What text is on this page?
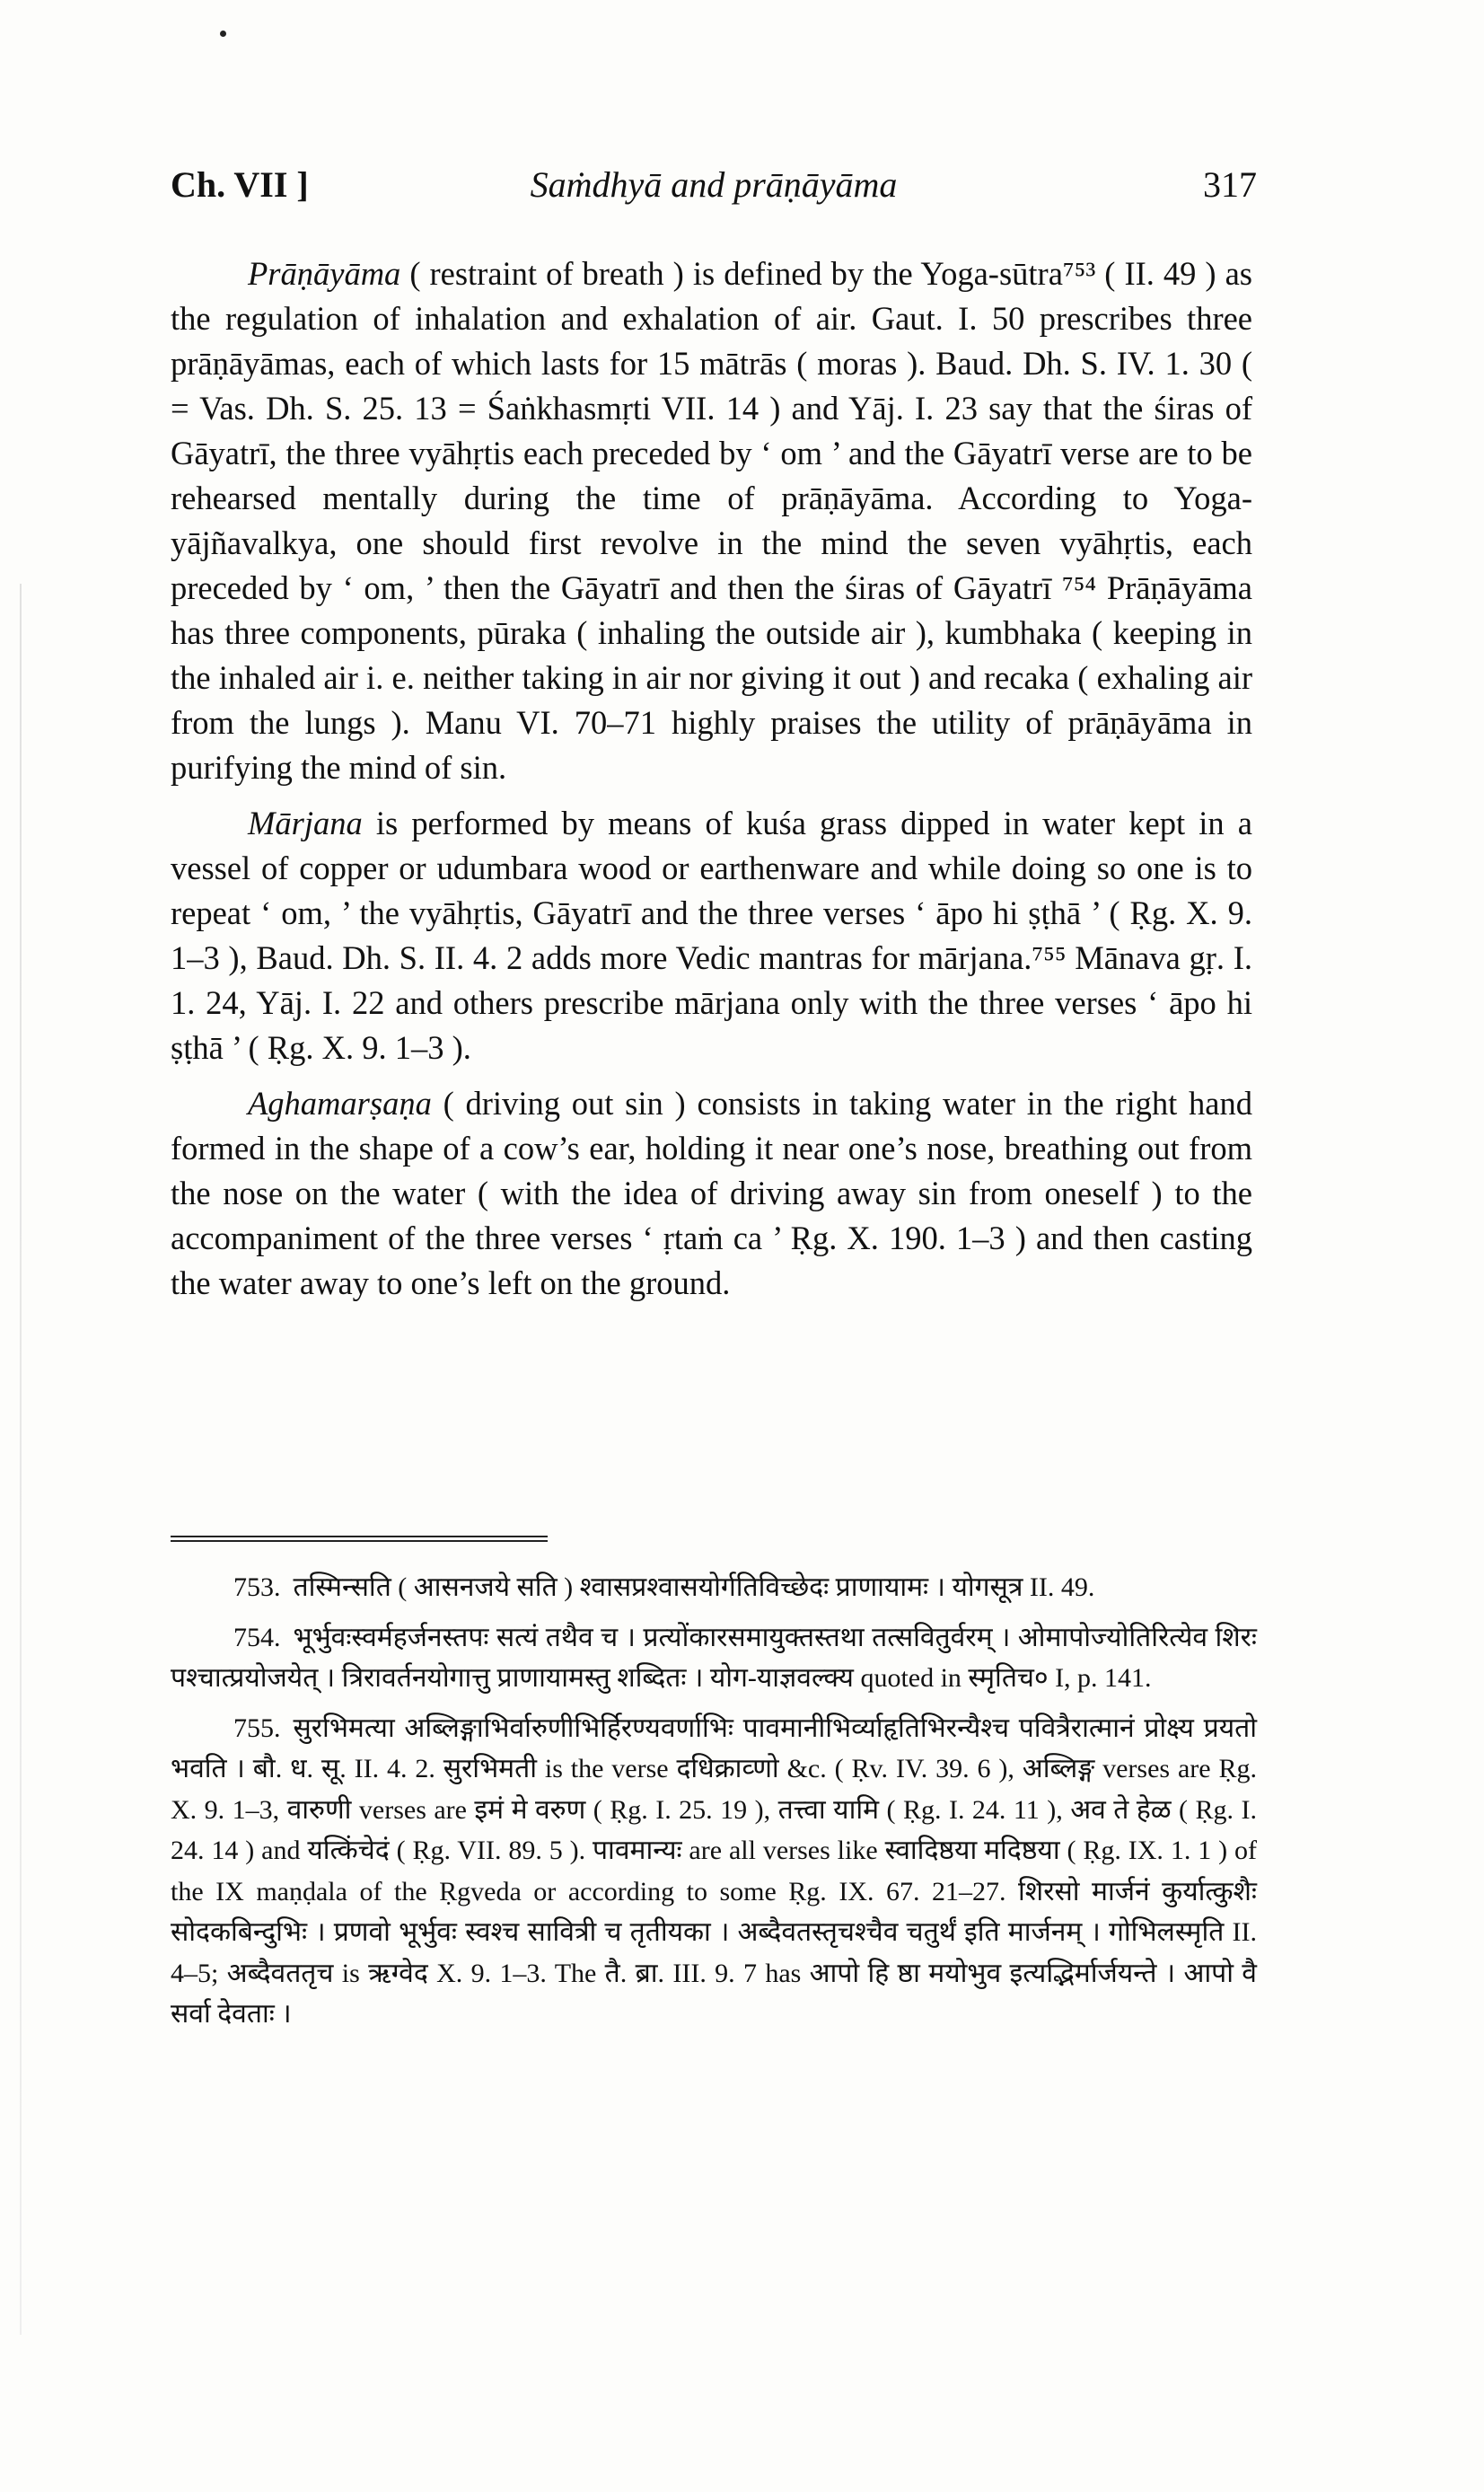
Ch. VII ]	Saṁdhyā and prāṇāyāma	317

Prāṇāyāma ( restraint of breath ) is defined by the Yoga-sūtra⁷⁵³ ( II. 49 ) as the regulation of inhalation and exhalation of air. Gaut. I. 50 prescribes three prāṇāyāmas, each of which lasts for 15 mātrās ( moras ). Baud. Dh. S. IV. 1. 30 ( = Vas. Dh. S. 25. 13 = Śaṅkhasmṛti VII. 14 ) and Yāj. I. 23 say that the śiras of Gāyatrī, the three vyāhṛtis each preceded by ‘ om ’ and the Gāyatrī verse are to be rehearsed mentally during the time of prāṇāyāma. According to Yoga-yājñavalkya, one should first revolve in the mind the seven vyāhṛtis, each preceded by ‘ om, ’ then the Gāyatrī and then the śiras of Gāyatrī ⁷⁵⁴ Prāṇāyāma has three components, pūraka ( inhaling the outside air ), kumbhaka ( keeping in the inhaled air i. e. neither taking in air nor giving it out ) and recaka ( exhaling air from the lungs ). Manu VI. 70–71 highly praises the utility of prāṇāyāma in purifying the mind of sin.

Mārjana is performed by means of kuśa grass dipped in water kept in a vessel of copper or udumbara wood or earthenware and while doing so one is to repeat ‘ om, ’ the vyāhṛtis, Gāyatrī and the three verses ‘ āpo hi ṣṭhā ’ ( Ṛg. X. 9. 1–3 ), Baud. Dh. S. II. 4. 2 adds more Vedic mantras for mārjana.⁷⁵⁵ Mānava gṛ. I. 1. 24, Yāj. I. 22 and others prescribe mārjana only with the three verses ‘ āpo hi ṣṭhā ’ ( Ṛg. X. 9. 1–3 ).

Aghamarṣaṇa ( driving out sin ) consists in taking water in the right hand formed in the shape of a cow’s ear, holding it near one’s nose, breathing out from the nose on the water ( with the idea of driving away sin from oneself ) to the accompaniment of the three verses ‘ ṛtaṁ ca ’ Ṛg. X. 190. 1–3 ) and then casting the water away to one’s left on the ground.

753. तस्मिन्सति ( आसनजये सति ) श्वासप्रश्वासयोर्गतिविच्छेदः प्राणायामः । योगसूत्र II. 49.

754. भूर्भुवःस्वर्महर्जनस्तपः सत्यं तथैव च । प्रत्योंकारसमायुक्तस्तथा तत्सवितुर्वरम् । ओमापोज्योतिरित्येव शिरः पश्चात्प्रयोजयेत् । त्रिरावर्तनयोगात्तु प्राणायामस्तु शब्दितः । योग-याज्ञवल्क्य quoted in स्मृतिच० I, p. 141.

755. सुरभिमत्या अब्लिङ्गाभिर्वारुणीभिर्हिरण्यवर्णाभिः पावमानीभिर्व्याहृतिभिरन्यैश्च पवित्रैरात्मानं प्रोक्ष्य प्रयतो भवति । बौ. ध. सू. II. 4. 2. सुरभिमती is the verse दधिक्राव्णो &c. ( Ṛv. IV. 39. 6 ), अब्लिङ्ग verses are Ṛg. X. 9. 1–3, वारुणी verses are इमं मे वरुण ( Ṛg. I. 25. 19 ), तत्त्वा यामि ( Ṛg. I. 24. 11 ), अव ते हेळ ( Ṛg. I. 24. 14 ) and यत्किंचेदं ( Ṛg. VII. 89. 5 ). पावमान्यः are all verses like स्वादिष्ठया मदिष्ठया ( Ṛg. IX. 1. 1 ) of the IX maṇḍala of the Ṛgveda or according to some Ṛg. IX. 67. 21–27. शिरसो मार्जनं कुर्यात्कुशैः सोदकबिन्दुभिः । प्रणवो भूर्भुवः स्वश्च सावित्री च तृतीयका । अब्दैवतस्तृचश्चैव चतुर्थं इति मार्जनम् । गोभिलस्मृति II. 4–5; अब्दैवततृच is ऋग्वेद X. 9. 1–3. The तै. ब्रा. III. 9. 7 has आपो हि ष्ठा मयोभुव इत्यद्भिर्मार्जयन्ते । आपो वै सर्वा देवताः ।
